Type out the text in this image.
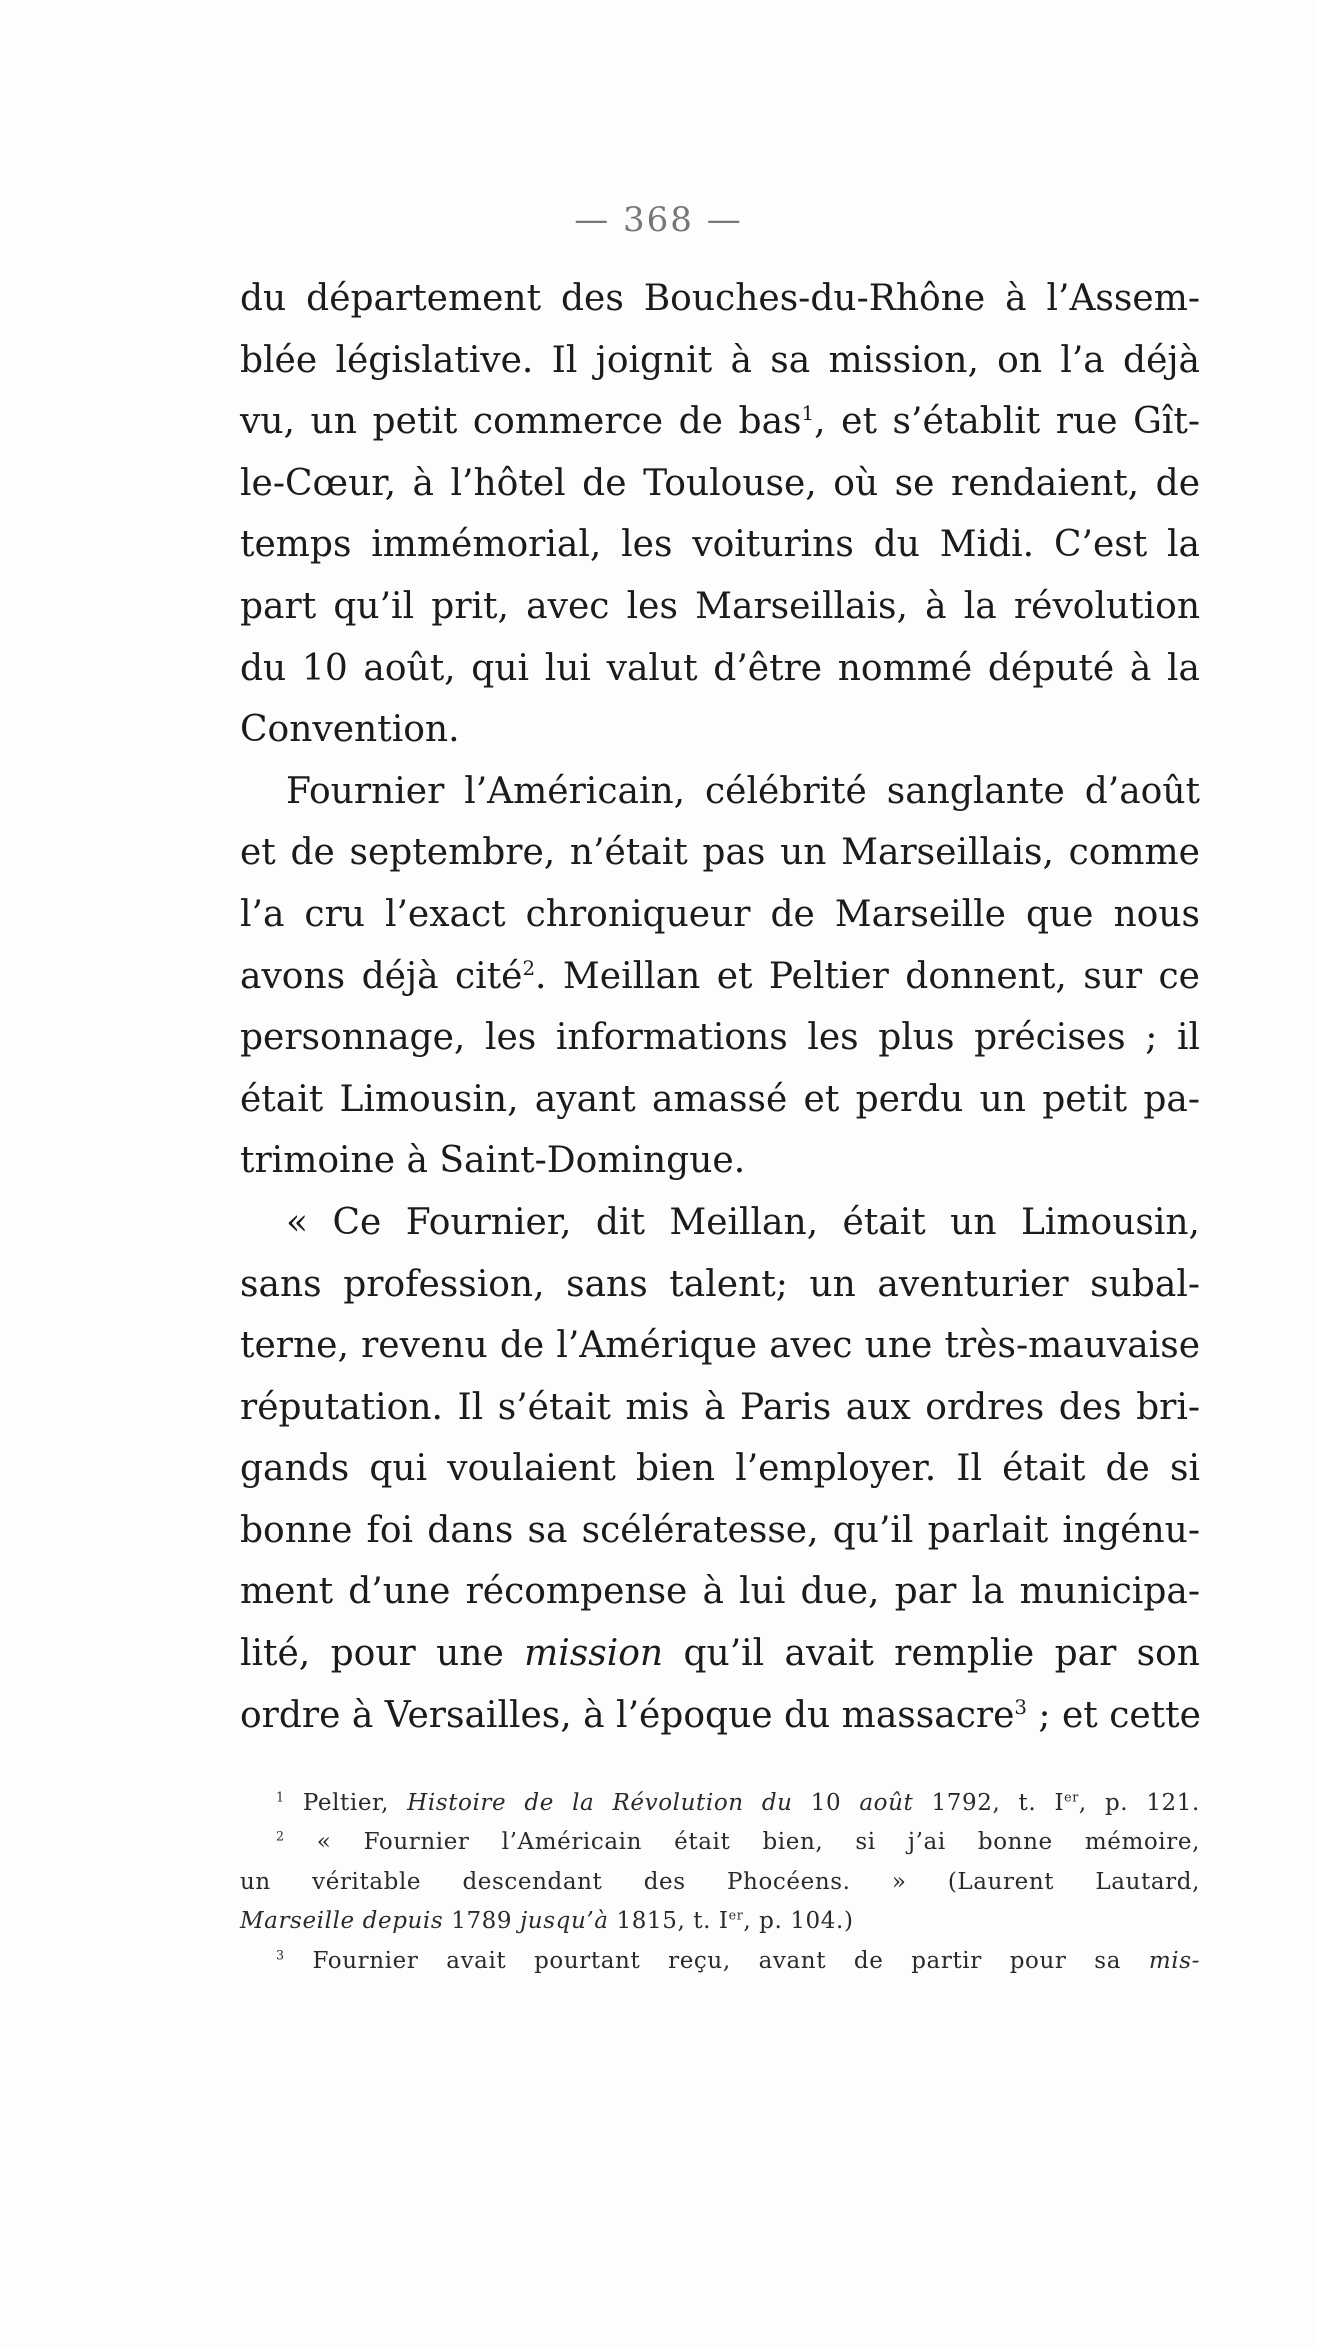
— 368 —
du département des Bouches-du-Rhône à l’Assem-
blée législative. Il joignit à sa mission, on l’a déjà
vu, un petit commerce de bas$^1$, et s’établit rue Gît-
le-Cœur, à l’hôtel de Toulouse, où se rendaient, de
temps immémorial, les voiturins du Midi. C’est la
part qu’il prit, avec les Marseillais, à la révolution
du 10 août, qui lui valut d’être nommé député à la
Convention.
Fournier l’Américain, célébrité sanglante d’août
et de septembre, n’était pas un Marseillais, comme
l’a cru l’exact chroniqueur de Marseille que nous
avons déjà cité$^2$. Meillan et Peltier donnent, sur ce
personnage, les informations les plus précises ; il
était Limousin, ayant amassé et perdu un petit pa-
trimoine à Saint-Domingue.
« Ce Fournier, dit Meillan, était un Limousin,
sans profession, sans talent; un aventurier subal-
terne, revenu de l’Amérique avec une très-mauvaise
réputation. Il s’était mis à Paris aux ordres des bri-
gands qui voulaient bien l’employer. Il était de si
bonne foi dans sa scélératesse, qu’il parlait ingénu-
ment d’une récompense à lui due, par la municipa-
lité, pour une mission qu’il avait remplie par son
ordre à Versailles, à l’époque du massacre$^3$ ; et cette
$^1$ Peltier, Histoire de la Révolution du 10 août 1792, t. Ier, p. 121.
$^2$ « Fournier l’Américain était bien, si j’ai bonne mémoire,
un véritable descendant des Phocéens. » (Laurent Lautard,
Marseille depuis 1789 jusqu’à 1815, t. Ier, p. 104.)
$^3$ Fournier avait pourtant reçu, avant de partir pour sa mis-
